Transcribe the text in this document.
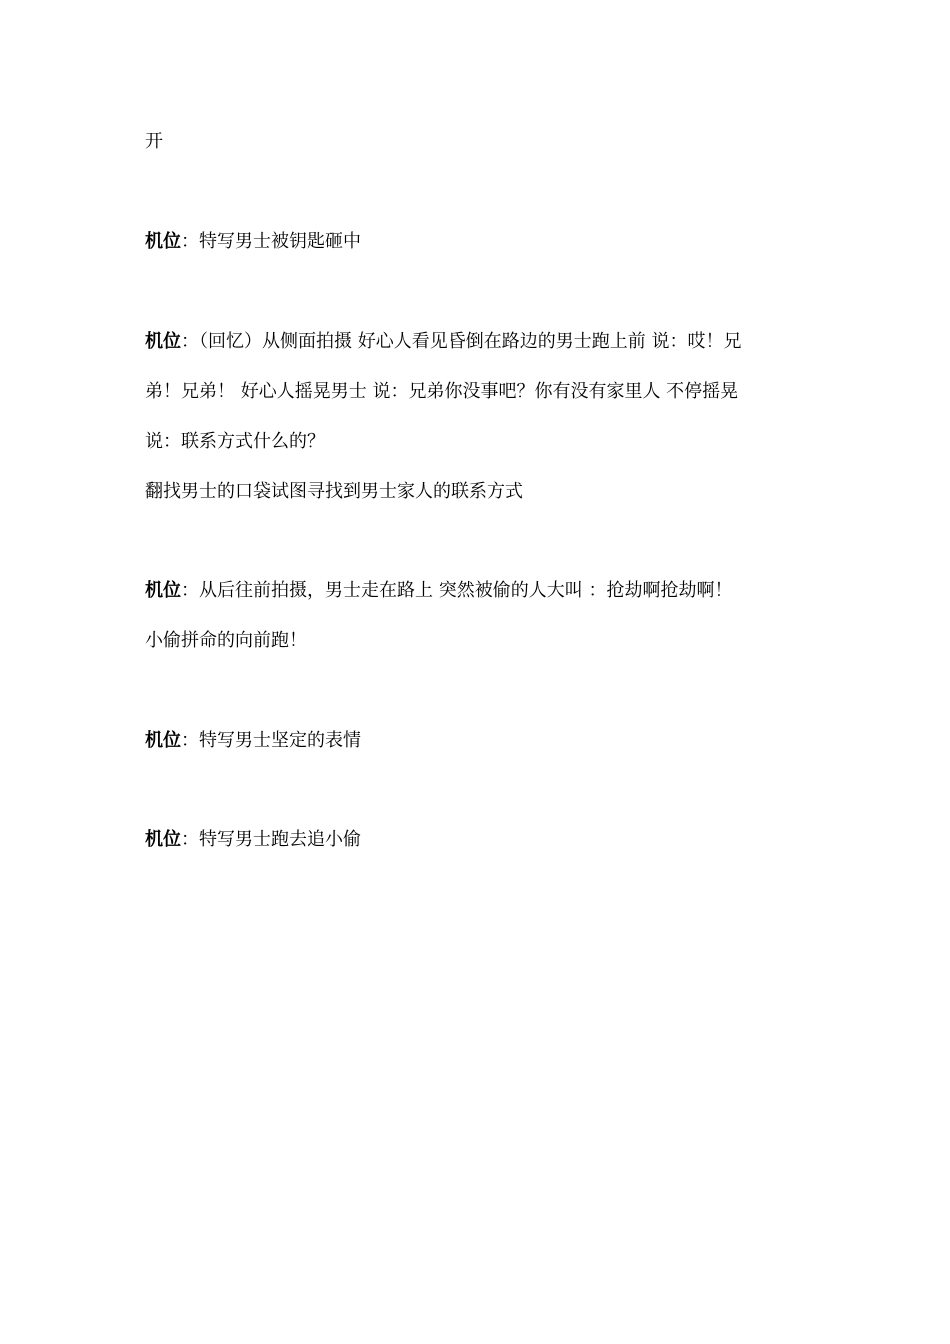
开
机位：特写男士被钥匙砸中
机位：（回忆）从侧面拍摄 好心人看见昏倒在路边的男士跑上前 说：哎！兄
弟！兄弟！ 好心人摇晃男士 说：兄弟你没事吧？你有没有家里人 不停摇晃
说：联系方式什么的？
翻找男士的口袋试图寻找到男士家人的联系方式
机位：从后往前拍摄，男士走在路上 突然被偷的人大叫 ：抢劫啊抢劫啊！
小偷拼命的向前跑！
机位：特写男士坚定的表情
机位：特写男士跑去追小偷
